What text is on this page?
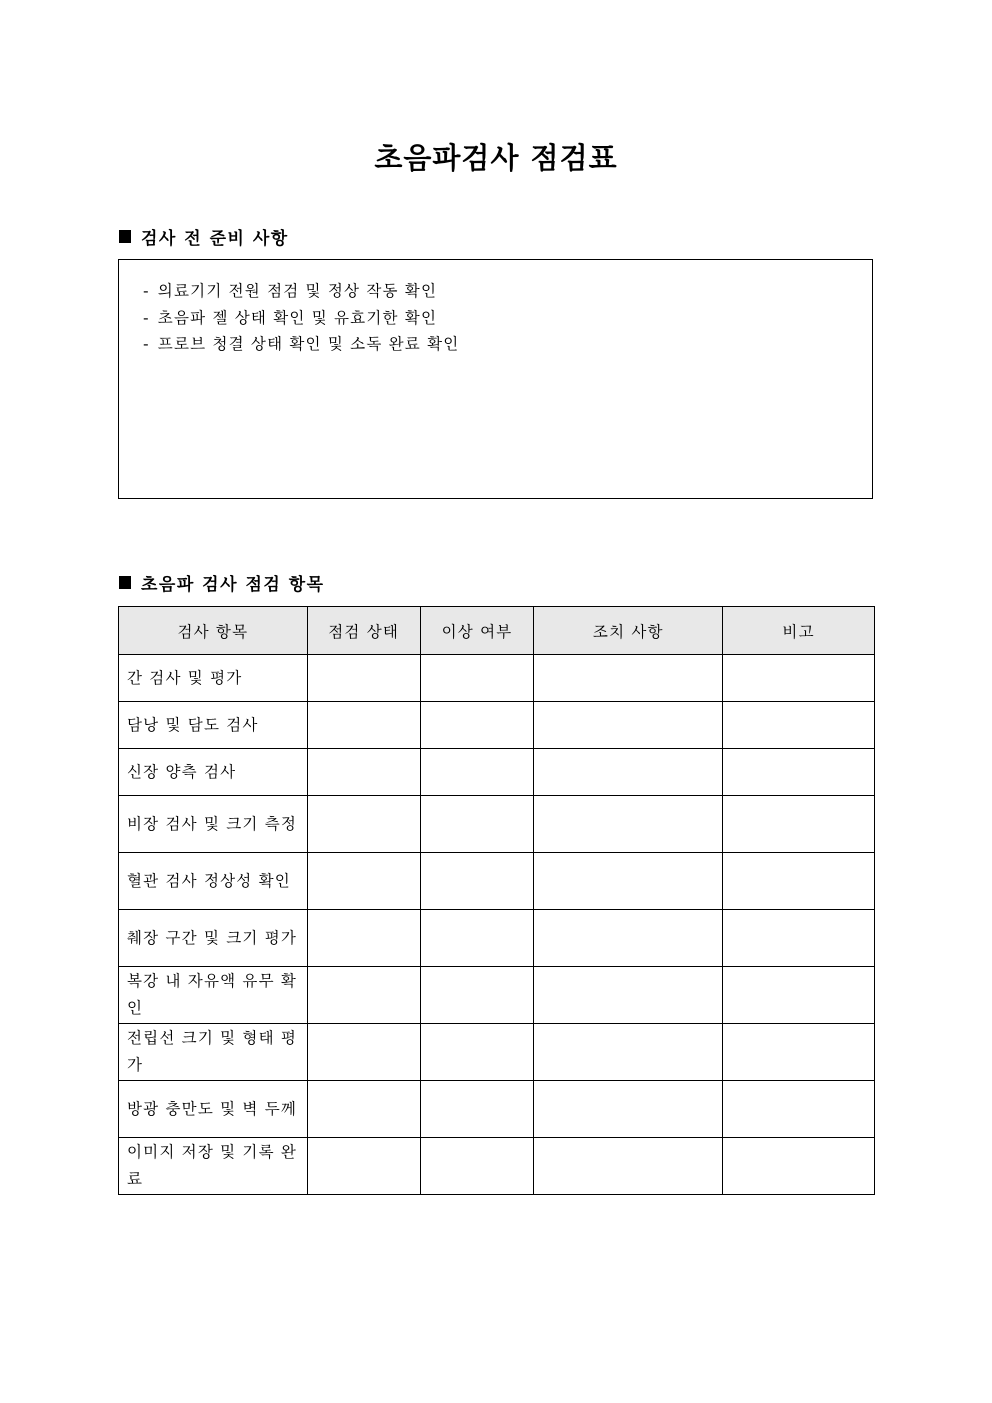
초음파검사 점검표
검사 전 준비 사항
- 의료기기 전원 점검 및 정상 작동 확인
- 초음파 젤 상태 확인 및 유효기한 확인
- 프로브 청결 상태 확인 및 소독 완료 확인
초음파 검사 점검 항목
검사 항목	점검 상태	이상 여부	조치 사항	비고
간 검사 및 평가				
담낭 및 담도 검사				
신장 양측 검사				
비장 검사 및 크기 측정				
혈관 검사 정상성 확인				
췌장 구간 및 크기 평가				
복강 내 자유액 유무 확인				
전립선 크기 및 형태 평가				
방광 충만도 및 벽 두께				
이미지 저장 및 기록 완료				
